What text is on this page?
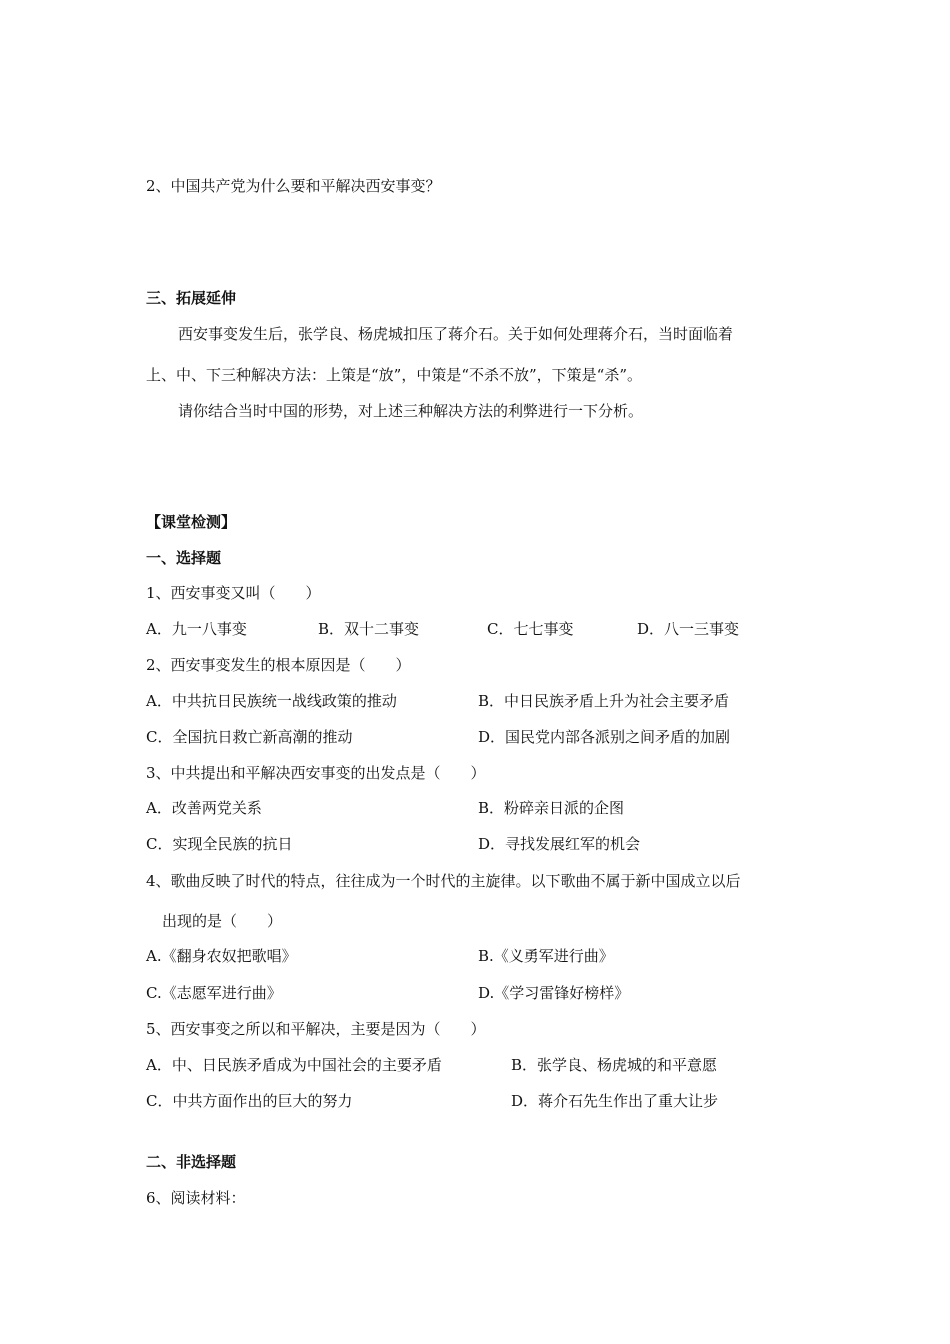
2、中国共产党为什么要和平解决西安事变？
三、拓展延伸
西安事变发生后，张学良、杨虎城扣压了蒋介石。关于如何处理蒋介石，当时面临着
上、中、下三种解决方法：上策是“放”，中策是“不杀不放”，下策是“杀”。
请你结合当时中国的形势，对上述三种解决方法的利弊进行一下分析。
【课堂检测】
一、选择题
1、西安事变又叫（　　）
A．九一八事变	B．双十二事变	C．七七事变	D．八一三事变
2、西安事变发生的根本原因是（　　）
A．中共抗日民族统一战线政策的推动	B．中日民族矛盾上升为社会主要矛盾
C．全国抗日救亡新高潮的推动	D．国民党内部各派别之间矛盾的加剧
3、中共提出和平解决西安事变的出发点是（　　）
A．改善两党关系	B．粉碎亲日派的企图
C．实现全民族的抗日	D．寻找发展红军的机会
4、歌曲反映了时代的特点，往往成为一个时代的主旋律。以下歌曲不属于新中国成立以后
出现的是（　　）
A.《翻身农奴把歌唱》	B.《义勇军进行曲》
C.《志愿军进行曲》	D.《学习雷锋好榜样》
5、西安事变之所以和平解决，主要是因为（　　）
A．中、日民族矛盾成为中国社会的主要矛盾	B．张学良、杨虎城的和平意愿
C．中共方面作出的巨大的努力	D．蒋介石先生作出了重大让步
二、非选择题
6、阅读材料：
